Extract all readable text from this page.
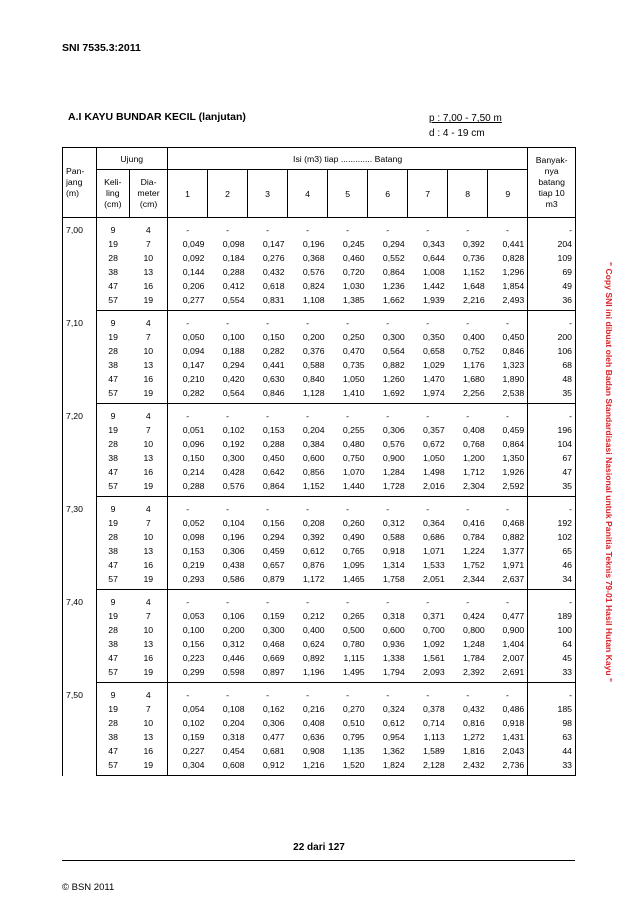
SNI 7535.3:2011
A.I KAYU BUNDAR KECIL (lanjutan)	p : 7,00 - 7,50 m
d : 4 - 19 cm
" Copy SNI ini dibuat oleh Badan Standardisasi Nasional untuk Panitia Teknis 79-01 Hasil Hutan Kayu "
Pan-
jang
(m)	Ujung		Isi (m3) tiap ............. Batang									Banyak-
nya
batang
tiap 10
m3
	Keli-
ling
(cm)	Dia-
meter
(cm)	1	2	3	4	5	6	7	8	9	
7,00	9	4	-	-	-	-	-	-	-	-	-	-
	19	7	0,049	0,098	0,147	0,196	0,245	0,294	0,343	0,392	0,441	204
	28	10	0,092	0,184	0,276	0,368	0,460	0,552	0,644	0,736	0,828	109
	38	13	0,144	0,288	0,432	0,576	0,720	0,864	1,008	1,152	1,296	69
	47	16	0,206	0,412	0,618	0,824	1,030	1,236	1,442	1,648	1,854	49
	57	19	0,277	0,554	0,831	1,108	1,385	1,662	1,939	2,216	2,493	36
7,10	9	4	-	-	-	-	-	-	-	-	-	-
	19	7	0,050	0,100	0,150	0,200	0,250	0,300	0,350	0,400	0,450	200
	28	10	0,094	0,188	0,282	0,376	0,470	0,564	0,658	0,752	0,846	106
	38	13	0,147	0,294	0,441	0,588	0,735	0,882	1,029	1,176	1,323	68
	47	16	0,210	0,420	0,630	0,840	1,050	1,260	1,470	1,680	1,890	48
	57	19	0,282	0,564	0,846	1,128	1,410	1,692	1,974	2,256	2,538	35
7,20	9	4	-	-	-	-	-	-	-	-	-	-
	19	7	0,051	0,102	0,153	0,204	0,255	0,306	0,357	0,408	0,459	196
	28	10	0,096	0,192	0,288	0,384	0,480	0,576	0,672	0,768	0,864	104
	38	13	0,150	0,300	0,450	0,600	0,750	0,900	1,050	1,200	1,350	67
	47	16	0,214	0,428	0,642	0,856	1,070	1,284	1,498	1,712	1,926	47
	57	19	0,288	0,576	0,864	1,152	1,440	1,728	2,016	2,304	2,592	35
7,30	9	4	-	-	-	-	-	-	-	-	-	-
	19	7	0,052	0,104	0,156	0,208	0,260	0,312	0,364	0,416	0,468	192
	28	10	0,098	0,196	0,294	0,392	0,490	0,588	0,686	0,784	0,882	102
	38	13	0,153	0,306	0,459	0,612	0,765	0,918	1,071	1,224	1,377	65
	47	16	0,219	0,438	0,657	0,876	1,095	1,314	1,533	1,752	1,971	46
	57	19	0,293	0,586	0,879	1,172	1,465	1,758	2,051	2,344	2,637	34
7,40	9	4	-	-	-	-	-	-	-	-	-	-
	19	7	0,053	0,106	0,159	0,212	0,265	0,318	0,371	0,424	0,477	189
	28	10	0,100	0,200	0,300	0,400	0,500	0,600	0,700	0,800	0,900	100
	38	13	0,156	0,312	0,468	0,624	0,780	0,936	1,092	1,248	1,404	64
	47	16	0,223	0,446	0,669	0,892	1,115	1,338	1,561	1,784	2,007	45
	57	19	0,299	0,598	0,897	1,196	1,495	1,794	2,093	2,392	2,691	33
7,50	9	4	-	-	-	-	-	-	-	-	-	-
	19	7	0,054	0,108	0,162	0,216	0,270	0,324	0,378	0,432	0,486	185
	28	10	0,102	0,204	0,306	0,408	0,510	0,612	0,714	0,816	0,918	98
	38	13	0,159	0,318	0,477	0,636	0,795	0,954	1,113	1,272	1,431	63
	47	16	0,227	0,454	0,681	0,908	1,135	1,362	1,589	1,816	2,043	44
	57	19	0,304	0,608	0,912	1,216	1,520	1,824	2,128	2,432	2,736	33
22 dari 127
© BSN 2011
